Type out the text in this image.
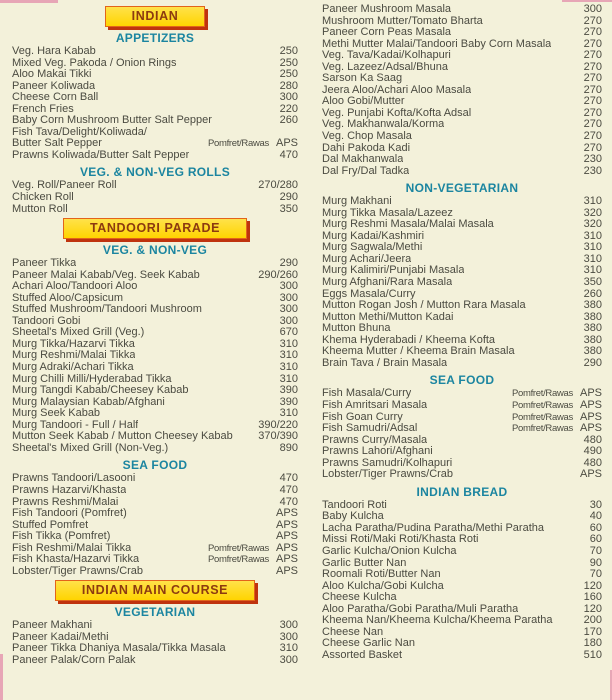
INDIAN
APPETIZERS
Veg. Hara Kabab	250
Mixed Veg. Pakoda / Onion Rings	250
Aloo Makai Tikki	250
Paneer Koliwada	280
Cheese Corn Ball	300
French Fries	220
Baby Corn Mushroom Butter Salt Pepper	260
Fish Tava/Delight/Koliwada/
Butter Salt Pepper	Pomfret/Rawas APS
Prawns Koliwada/Butter Salt Pepper	470
VEG. & NON-VEG ROLLS
Veg. Roll/Paneer Roll	270/280
Chicken Roll	290
Mutton Roll	350
TANDOORI PARADE
VEG. & NON-VEG
Paneer Tikka	290
Paneer Malai Kabab/Veg. Seek Kabab	290/260
Achari Aloo/Tandoori Aloo	300
Stuffed Aloo/Capsicum	300
Stuffed Mushroom/Tandoori Mushroom	300
Tandoori Gobi	300
Sheetal's Mixed Grill (Veg.)	670
Murg Tikka/Hazarvi Tikka	310
Murg Reshmi/Malai Tikka	310
Murg Adraki/Achari Tikka	310
Murg Chilli Milli/Hyderabad Tikka	310
Murg Tangdi Kabab/Cheesey Kabab	390
Murg Malaysian Kabab/Afghani	390
Murg Seek Kabab	310
Murg Tandoori - Full / Half	390/220
Mutton Seek Kabab / Mutton Cheesey Kabab 370/390
Sheetal's Mixed Grill (Non-Veg.)	890
SEA FOOD
Prawns Tandoori/Lasooni	470
Prawns Hazarvi/Khasta	470
Prawns Reshmi/Malai	470
Fish Tandoori (Pomfret)	APS
Stuffed Pomfret	APS
Fish Tikka (Pomfret)	APS
Fish Reshmi/Malai Tikka	Pomfret/Rawas APS
Fish Khasta/Hazarvi Tikka	Pomfret/Rawas APS
Lobster/Tiger Prawns/Crab	APS
INDIAN MAIN COURSE
VEGETARIAN
Paneer Makhani	300
Paneer Kadai/Methi	300
Paneer Tikka Dhaniya Masala/Tikka Masala	310
Paneer Palak/Corn Palak	300
Paneer Mushroom Masala	300
Mushroom Mutter/Tomato Bharta	270
Paneer Corn Peas Masala	270
Methi Mutter Malai/Tandoori Baby Corn Masala	270
Veg. Tava/Kadai/Kolhapuri	270
Veg. Lazeez/Adsal/Bhuna	270
Sarson Ka Saag	270
Jeera Aloo/Achari Aloo Masala	270
Aloo Gobi/Mutter	270
Veg. Punjabi Kofta/Kofta Adsal	270
Veg. Makhanwala/Korma	270
Veg. Chop Masala	270
Dahi Pakoda Kadi	270
Dal Makhanwala	230
Dal Fry/Dal Tadka	230
NON-VEGETARIAN
Murg Makhani	310
Murg Tikka Masala/Lazeez	320
Murg Reshmi Masala/Malai Masala	320
Murg Kadai/Kashmiri	310
Murg Sagwala/Methi	310
Murg Achari/Jeera	310
Murg Kalimiri/Punjabi Masala	310
Murg Afghani/Rara Masala	350
Eggs Masala/Curry	260
Mutton Rogan Josh / Mutton Rara Masala	380
Mutton Methi/Mutton Kadai	380
Mutton Bhuna	380
Khema Hyderabadi / Kheema Kofta	380
Kheema Mutter / Kheema Brain Masala	380
Brain Tava / Brain Masala	290
SEA FOOD
Fish Masala/Curry	Pomfret/Rawas APS
Fish Amritsari Masala	Pomfret/Rawas APS
Fish Goan Curry	Pomfret/Rawas APS
Fish Samudri/Adsal	Pomfret/Rawas APS
Prawns Curry/Masala	480
Prawns Lahori/Afghani	490
Prawns Samudri/Kolhapuri	480
Lobster/Tiger Prawns/Crab	APS
INDIAN BREAD
Tandoori Roti	30
Baby Kulcha	40
Lacha Paratha/Pudina Paratha/Methi Paratha	60
Missi Roti/Maki Roti/Khasta Roti	60
Garlic Kulcha/Onion Kulcha	70
Garlic Butter Nan	90
Roomali Roti/Butter Nan	70
Aloo Kulcha/Gobi Kulcha	120
Cheese Kulcha	160
Aloo Paratha/Gobi Paratha/Muli Paratha	120
Kheema Nan/Kheema Kulcha/Kheema Paratha	200
Cheese Nan	170
Cheese Garlic Nan	180
Assorted Basket	510
